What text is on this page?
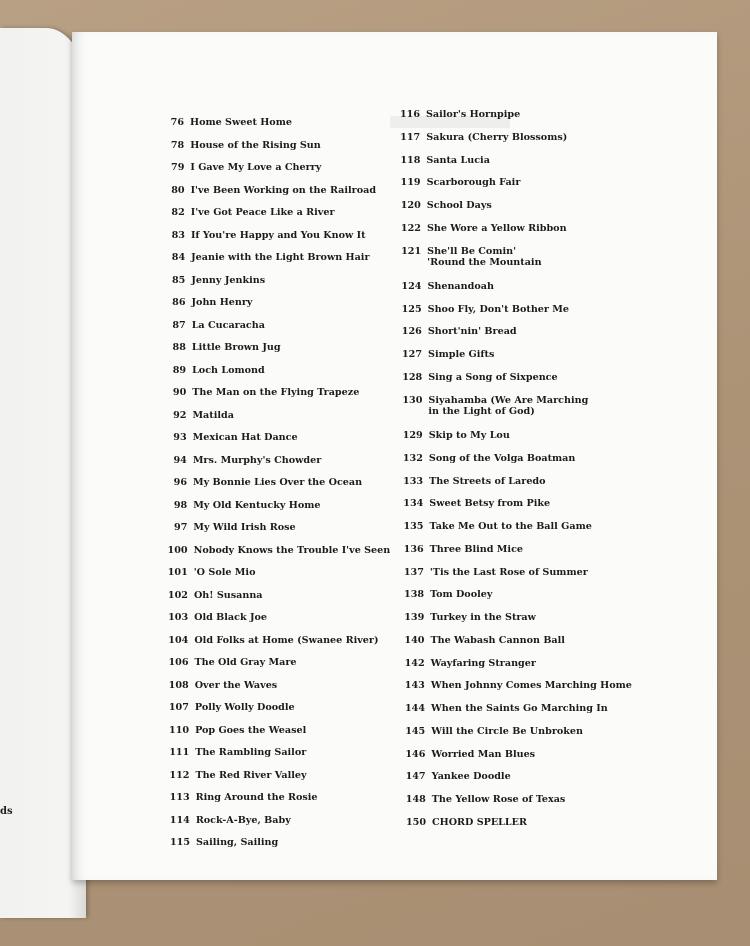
ds
76 Home Sweet Home
78 House of the Rising Sun
79 I Gave My Love a Cherry
80 I've Been Working on the Railroad
82 I've Got Peace Like a River
83 If You're Happy and You Know It
84 Jeanie with the Light Brown Hair
85 Jenny Jenkins
86 John Henry
87 La Cucaracha
88 Little Brown Jug
89 Loch Lomond
90 The Man on the Flying Trapeze
92 Matilda
93 Mexican Hat Dance
94 Mrs. Murphy's Chowder
96 My Bonnie Lies Over the Ocean
98 My Old Kentucky Home
97 My Wild Irish Rose
100 Nobody Knows the Trouble I've Seen
101 'O Sole Mio
102 Oh! Susanna
103 Old Black Joe
104 Old Folks at Home (Swanee River)
106 The Old Gray Mare
108 Over the Waves
107 Polly Wolly Doodle
110 Pop Goes the Weasel
111 The Rambling Sailor
112 The Red River Valley
113 Ring Around the Rosie
114 Rock-A-Bye, Baby
115 Sailing, Sailing
116 Sailor's Hornpipe
117 Sakura (Cherry Blossoms)
118 Santa Lucia
119 Scarborough Fair
120 School Days
122 She Wore a Yellow Ribbon
121 She'll Be Comin'
'Round the Mountain
124 Shenandoah
125 Shoo Fly, Don't Bother Me
126 Short'nin' Bread
127 Simple Gifts
128 Sing a Song of Sixpence
130 Siyahamba (We Are Marching
in the Light of God)
129 Skip to My Lou
132 Song of the Volga Boatman
133 The Streets of Laredo
134 Sweet Betsy from Pike
135 Take Me Out to the Ball Game
136 Three Blind Mice
137 'Tis the Last Rose of Summer
138 Tom Dooley
139 Turkey in the Straw
140 The Wabash Cannon Ball
142 Wayfaring Stranger
143 When Johnny Comes Marching Home
144 When the Saints Go Marching In
145 Will the Circle Be Unbroken
146 Worried Man Blues
147 Yankee Doodle
148 The Yellow Rose of Texas
150 CHORD SPELLER
